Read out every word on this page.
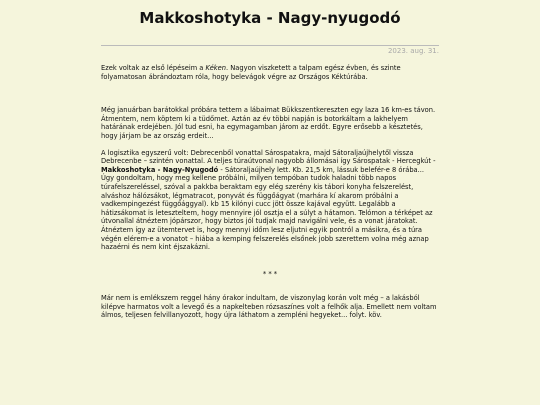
Makkoshotyka - Nagy-nyugodó
2023. aug. 31.

Ezek voltak az első lépéseim a Kéken. Nagyon viszketett a talpam egész évben, és szinte folyamatosan ábrándoztam róla, hogy belevágok végre az Országos Kéktúrába.

Még januárban barátokkal próbára tettem a lábaimat Bükkszentkereszten egy laza 16 km-es távon. Átmentem, nem köptem ki a tüdőmet. Aztán az év többi napján is botorkáltam a lakhelyem határának erdejében. Jól tud esni, ha egymagamban járom az erdőt. Egyre erősebb a késztetés, hogy járjam be az ország erdeit...

A logisztika egyszerű volt: Debrecenből vonattal Sárospatakra, majd Sátoraljaújhelytől vissza Debrecenbe – szintén vonattal. A teljes túraútvonal nagyobb állomásai így Sárospatak - Hercegkút - Makkoshotyka - Nagy-Nyugodó - Sátoraljaújhely lett. Kb. 21,5 km, lássuk belefér-e 8 órába... Úgy gondoltam, hogy meg kellene próbálni, milyen tempóban tudok haladni több napos túrafelszereléssel, szóval a pakkba beraktam egy elég szerény kis tábori konyha felszerelést, alváshoz hálózsákot, légmatracot, ponyvát és függőágyat (marhára kí akarom próbálni a vadkempingezést függőággyal). kb 15 kilónyi cucc jött össze kajával együtt. Legalább a hátizsákomat is leteszteltem, hogy mennyire jól osztja el a súlyt a hátamon. Telómon a térképet az útvonallal átnéztem jópárszor, hogy biztos jól tudjak majd navigálni vele, és a vonat járatokat. Átnéztem így az ütemtervet is, hogy mennyi időm lesz eljutni egyik pontról a másikra, és a túra végén elérem-e a vonatot – hiába a kemping felszerelés elsőnek jobb szerettem volna még aznap hazaérni és nem kint éjszakázni.

* * *

Már nem is emlékszem reggel hány órakor indultam, de viszonylag korán volt még – a lakásból kilépve harmatos volt a levegő és a napkelteben rózsaszínes volt a felhők alja. Emellett nem voltam álmos, teljesen felvillanyozott, hogy újra láthatom a zempléni hegyeket... folyt. köv.
